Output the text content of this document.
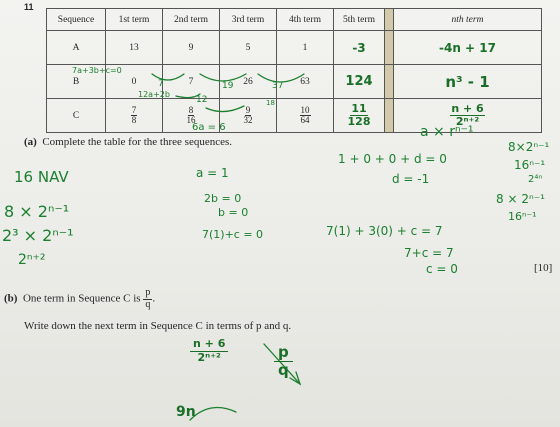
11
Sequence	1st term	2nd term	3rd term	4th term	5th term		nth term
A	13	9	5	1	-3		-4n + 17
B	0	7	26	63	124		n³ - 1
C	$\frac{7}{8}$	$\frac{8}{16}$	$\frac{9}{32}$	$\frac{10}{64}$	$\frac{11}{128}$		$\frac{n + 6}{\text{2ⁿ⁺²}}$
7a+3b+c=0
7	19	37
12a+2b
12	18
6a = 6
(a) Complete the table for the three sequences.
[10]
a = 1
2b = 0
b = 0
7(1)+c = 0
1 + 0 + 0 + d = 0
d = -1
7(1) + 3(0) + c = 7
7+c = 7
c = 0
a × rⁿ⁻¹
8×2ⁿ⁻¹
16ⁿ⁻¹
2⁴ⁿ
8 × 2ⁿ⁻¹
16ⁿ⁻¹
16 NAV
8 × 2ⁿ⁻¹
2³ × 2ⁿ⁻¹
2ⁿ⁺²
(b) One term in Sequence C is $\frac{p}{q}$ .
Write down the next term in Sequence C in terms of p and q.
$\frac{n + 6}{\text{2ⁿ⁺²}}$	$\frac{p}{q}$
9n
